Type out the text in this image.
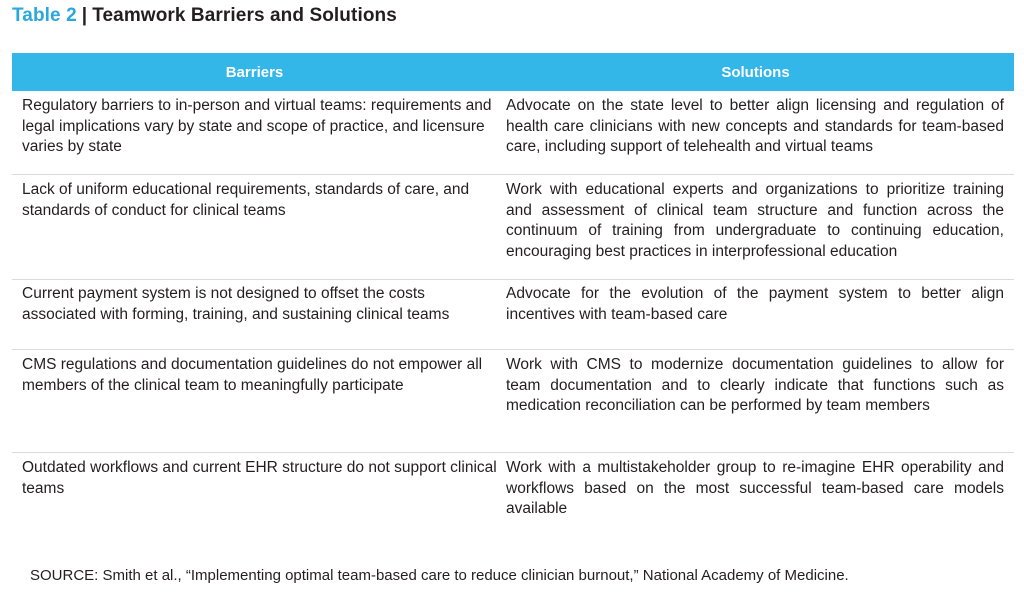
Table 2 | Teamwork Barriers and Solutions
Barriers	Solutions
Regulatory barriers to in-person and virtual teams: requirements and legal implications vary by state and scope of practice, and licensure varies by state	Advocate on the state level to better align licensing and regulation of health care clinicians with new concepts and standards for team-based care, including support of telehealth and virtual teams
Lack of uniform educational requirements, standards of care, and standards of conduct for clinical teams	Work with educational experts and organizations to prioritize training and assessment of clinical team structure and function across the continuum of training from undergraduate to continuing education, encouraging best practices in interprofessional education
Current payment system is not designed to offset the costs associated with forming, training, and sustaining clinical teams	Advocate for the evolution of the payment system to better align incentives with team-based care
CMS regulations and documentation guidelines do not empower all members of the clinical team to meaningfully participate	Work with CMS to modernize documentation guidelines to allow for team documentation and to clearly indicate that functions such as medication reconciliation can be performed by team members
Outdated workflows and current EHR structure do not support clinical teams	Work with a multistakeholder group to re-imagine EHR operability and workflows based on the most successful team-based care models available
SOURCE: Smith et al., “Implementing optimal team-based care to reduce clinician burnout,” National Academy of Medicine.
